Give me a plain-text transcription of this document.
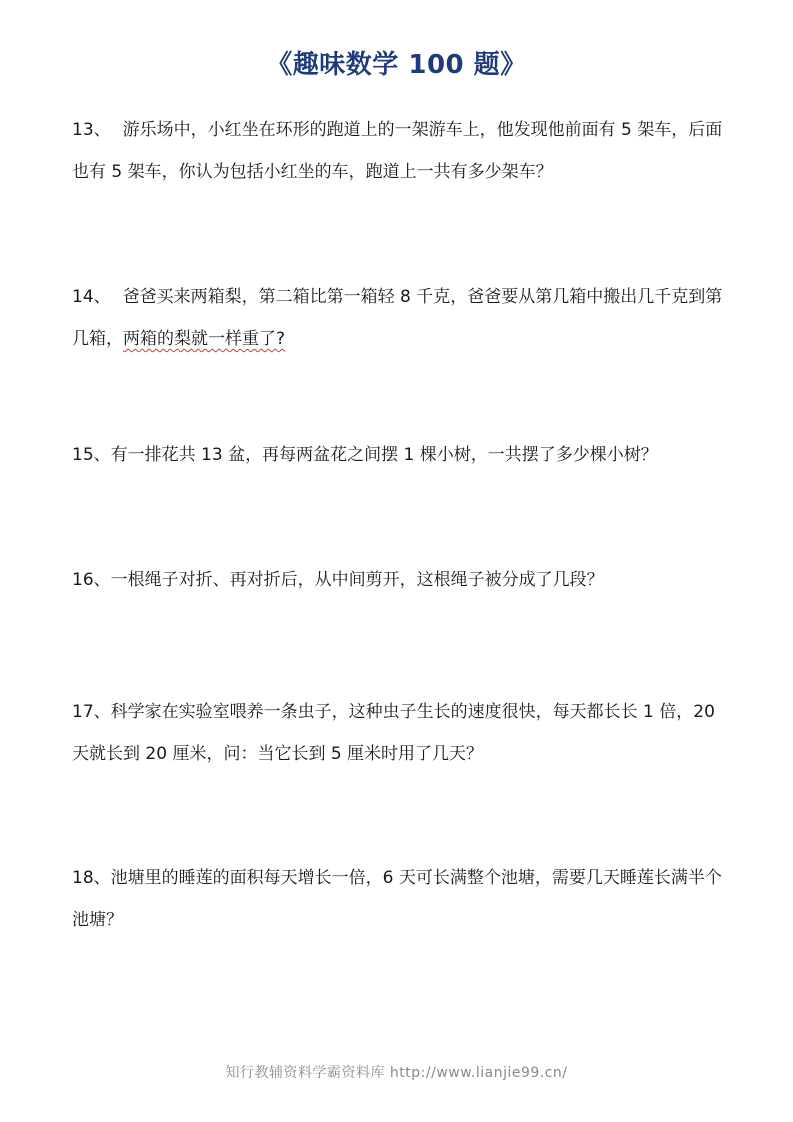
《趣味数学 100 题》
13、 游乐场中，小红坐在环形的跑道上的一架游车上，他发现他前面有 5 架车，后面也有 5 架车，你认为包括小红坐的车，跑道上一共有多少架车？
14、 爸爸买来两箱梨，第二箱比第一箱轻 8 千克，爸爸要从第几箱中搬出几千克到第几箱，两箱的梨就一样重了?
15、有一排花共 13 盆，再每两盆花之间摆 1 棵小树，一共摆了多少棵小树？
16、一根绳子对折、再对折后，从中间剪开，这根绳子被分成了几段？
17、科学家在实验室喂养一条虫子，这种虫子生长的速度很快，每天都长长 1 倍，20 天就长到 20 厘米，问：当它长到 5 厘米时用了几天？
18、池塘里的睡莲的面积每天增长一倍，6 天可长满整个池塘，需要几天睡莲长满半个池塘？
知行教辅资料学霸资料库 http://www.lianjie99.cn/
